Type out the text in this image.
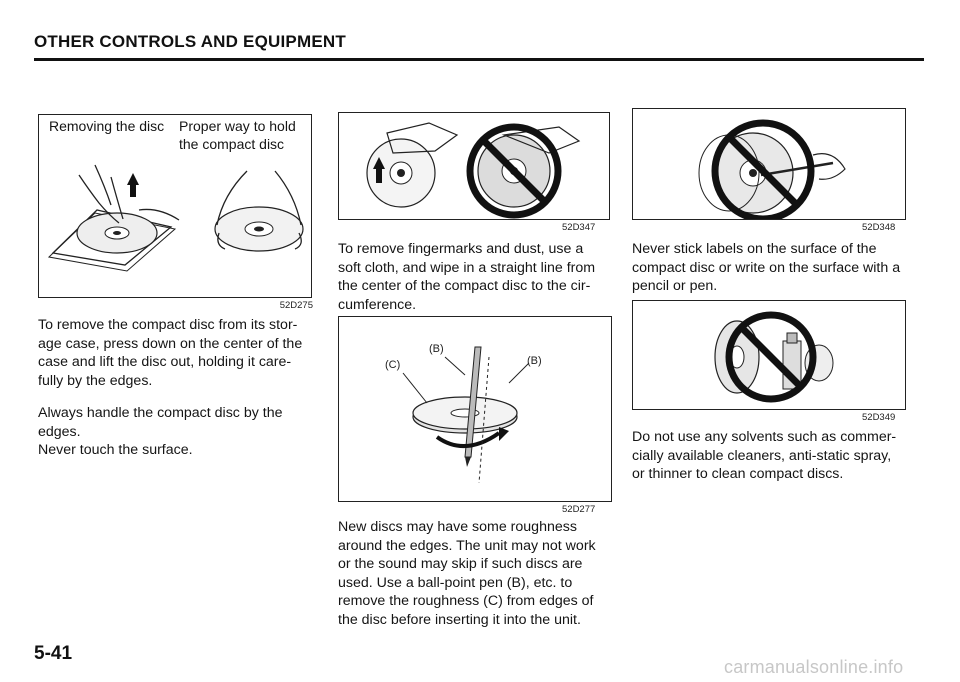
OTHER CONTROLS AND EQUIPMENT
Removing the disc Proper way to hold
the compact disc
52D275
52D347	52D348
(B)
(C)	(B)
52D277
52D349
To remove the compact disc from its stor-
age case, press down on the center of the
case and lift the disc out, holding it care-
fully by the edges.
Always handle the compact disc by the
edges.
Never touch the surface.
To remove fingermarks and dust, use a
soft cloth, and wipe in a straight line from
the center of the compact disc to the cir-
cumference.
New discs may have some roughness
around the edges. The unit may not work
or the sound may skip if such discs are
used. Use a ball-point pen (B), etc. to
remove the roughness (C) from edges of
the disc before inserting it into the unit.
Never stick labels on the surface of the
compact disc or write on the surface with a
pencil or pen.
Do not use any solvents such as commer-
cially available cleaners, anti-static spray,
or thinner to clean compact discs.
5-41
carmanualsonline.info
